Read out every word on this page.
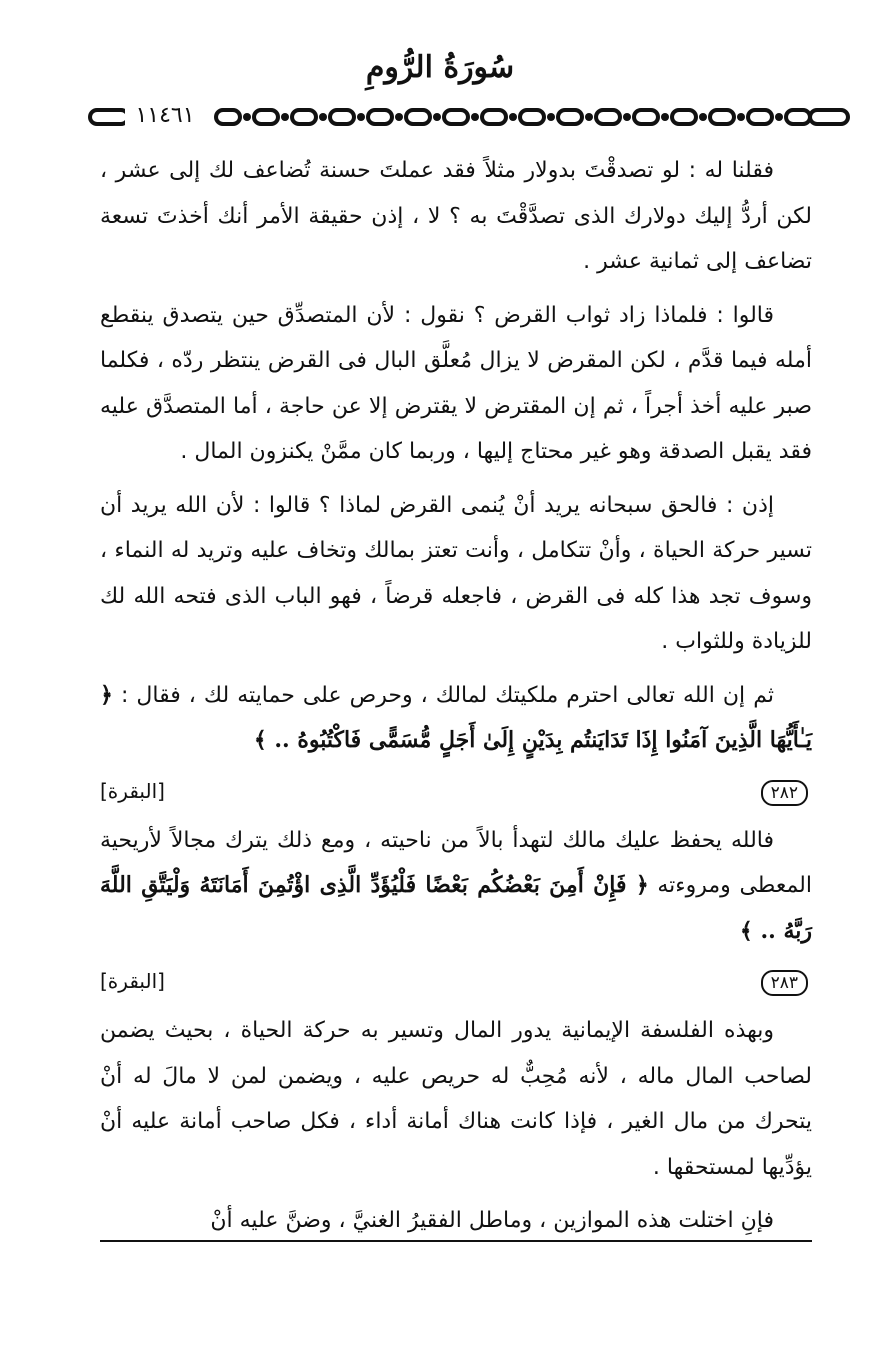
سُورَةُ الرُّومِ
١١٤٦١

فقلنا له : لو تصدقْتَ بدولار مثلاً فقد عملتَ حسنة تُضاعف لك إلى عشر ، لكن أردُّ إليك دولارك الذى تصدَّقْتَ به ؟ لا ، إذن حقيقة الأمر أنك أخذتَ تسعة تضاعف إلى ثمانية عشر .

قالوا : فلماذا زاد ثواب القرض ؟ نقول : لأن المتصدِّق حين يتصدق ينقطع أمله فيما قدَّم ، لكن المقرض لا يزال مُعلَّق البال فى القرض ينتظر ردّه ، فكلما صبر عليه أخذ أجراً ، ثم إن المقترض لا يقترض إلا عن حاجة ، أما المتصدَّق عليه فقد يقبل الصدقة وهو غير محتاج إليها ، وربما كان ممَّنْ يكنزون المال .

إذن : فالحق سبحانه يريد أنْ يُنمى القرض لماذا ؟ قالوا : لأن الله يريد أن تسير حركة الحياة ، وأنْ تتكامل ، وأنت تعتز بمالك وتخاف عليه وتريد له النماء ، وسوف تجد هذا كله فى القرض ، فاجعله قرضاً ، فهو الباب الذى فتحه الله لك للزيادة وللثواب .

ثم إن الله تعالى احترم ملكيتك لمالك ، وحرص على حمايته لك ، فقال : ﴿ يَـٰأَيُّهَا الَّذِينَ آمَنُوا إِذَا تَدَايَنتُم بِدَيْنٍ إِلَىٰ أَجَلٍ مُّسَمًّى فَاكْتُبُوهُ .. ﴾

٢٨٢
[البقرة]

فالله يحفظ عليك مالك لتهدأ بالاً من ناحيته ، ومع ذلك يترك مجالاً لأريحية المعطى ومروءته ﴿ فَإِنْ أَمِنَ بَعْضُكُم بَعْضًا فَلْيُؤَدِّ الَّذِى اؤْتُمِنَ أَمَانَتَهُ وَلْيَتَّقِ اللَّهَ رَبَّهُ .. ﴾

٢٨٣
[البقرة]

وبهذه الفلسفة الإيمانية يدور المال وتسير به حركة الحياة ، بحيث يضمن لصاحب المال ماله ، لأنه مُحِبٌّ له حريص عليه ، ويضمن لمن لا مالَ له أنْ يتحرك من مال الغير ، فإذا كانت هناك أمانة أداء ، فكل صاحب أمانة عليه أنْ يؤدِّيها لمستحقها .

فإنِ اختلت هذه الموازين ، وماطل الفقيرُ الغنيَّ ، وضنَّ عليه أنْ
